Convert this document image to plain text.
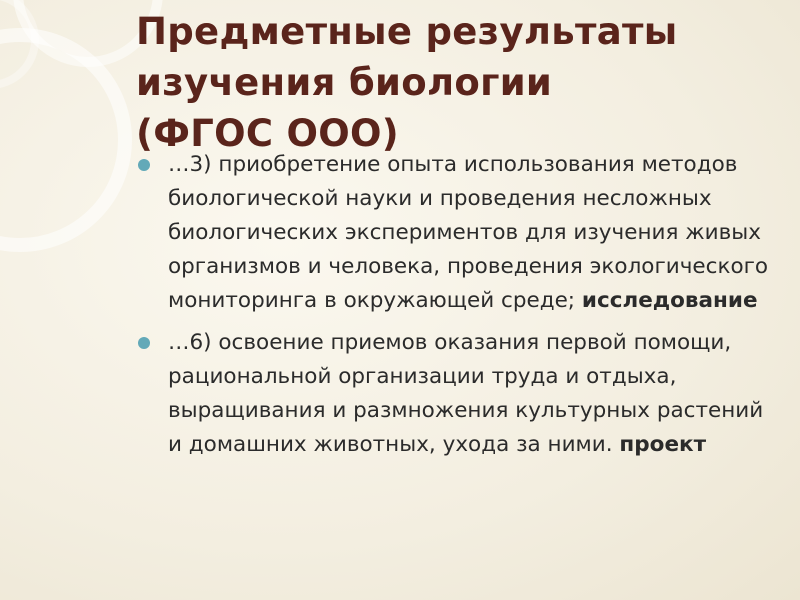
Предметные результаты изучения биологии (ФГОС ООО)
…3) приобретение опыта использования методов биологической науки и проведения несложных биологических экспериментов для изучения живых организмов и человека, проведения экологического мониторинга в окружающей среде; исследование
…6) освоение приемов оказания первой помощи, рациональной организации труда и отдыха, выращивания и размножения культурных растений и домашних животных, ухода за ними. проект
